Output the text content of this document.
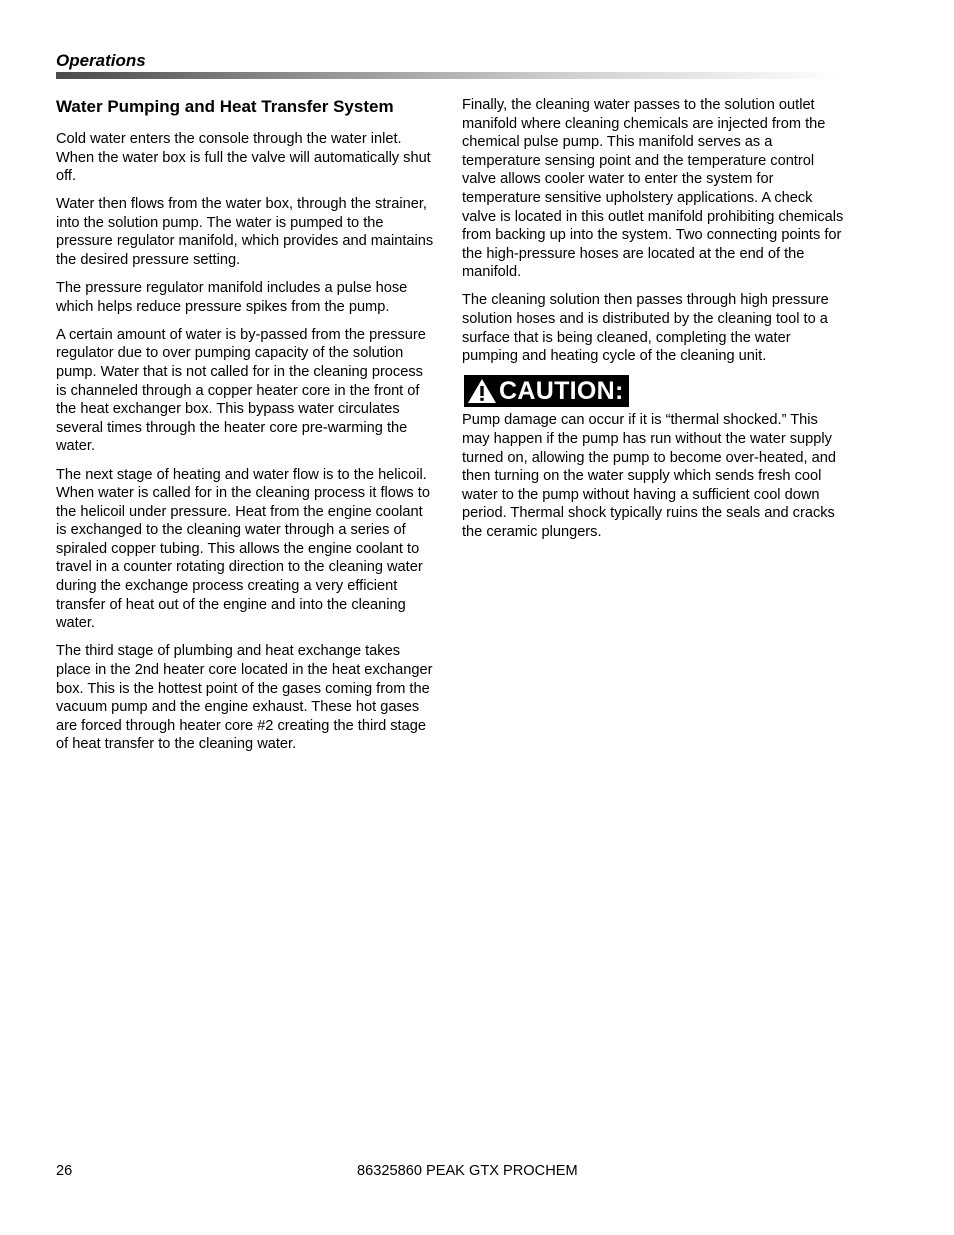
Operations
Water Pumping and Heat Transfer System

Cold water enters the console through the water inlet. When the water box is full the valve will automatically shut off.

Water then flows from the water box, through the strainer, into the solution pump. The water is pumped to the pressure regulator manifold, which provides and maintains the desired pressure setting.

The pressure regulator manifold includes a pulse hose which helps reduce pressure spikes from the pump.

A certain amount of water is by-passed from the pressure regulator due to over pumping capacity of the solution pump. Water that is not called for in the cleaning process is channeled through a copper heater core in the front of the heat exchanger box. This bypass water circulates several times through the heater core pre-warming the water.

The next stage of heating and water flow is to the helicoil. When water is called for in the cleaning process it flows to the helicoil under pressure. Heat from the engine coolant is exchanged to the cleaning water through a series of spiraled copper tubing. This allows the engine coolant to travel in a counter rotating direction to the cleaning water during the exchange process creating a very efficient transfer of heat out of the engine and into the cleaning water.

The third stage of plumbing and heat exchange takes place in the 2nd heater core located in the heat exchanger box. This is the hottest point of the gases coming from the vacuum pump and the engine exhaust. These hot gases are forced through heater core #2 creating the third stage of heat transfer to the cleaning water.

Finally, the cleaning water passes to the solution outlet manifold where cleaning chemicals are injected from the chemical pulse pump. This manifold serves as a temperature sensing point and the temperature control valve allows cooler water to enter the system for temperature sensitive upholstery applications. A check valve is located in this outlet manifold prohibiting chemicals from backing up into the system. Two connecting points for the high-pressure hoses are located at the end of the manifold.

The cleaning solution then passes through high pressure solution hoses and is distributed by the cleaning tool to a surface that is being cleaned, completing the water pumping and heating cycle of the cleaning unit.

CAUTION:

Pump damage can occur if it is “thermal shocked.” This may happen if the pump has run without the water supply turned on, allowing the pump to become over-heated, and then turning on the water supply which sends fresh cool water to the pump without having a sufficient cool down period. Thermal shock typically ruins the seals and cracks the ceramic plungers.

26	86325860 PEAK GTX PROCHEM
